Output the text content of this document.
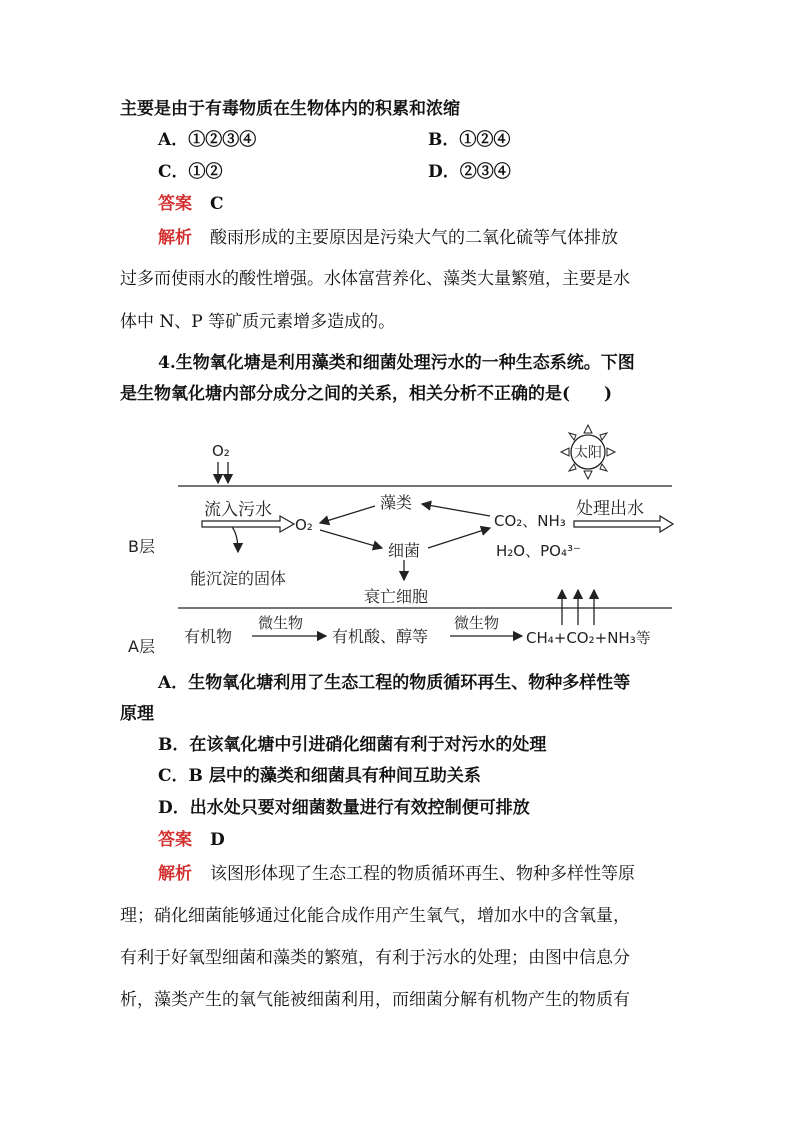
主要是由于有毒物质在生物体内的积累和浓缩
A．①②③④	B．①②④
C．①②	D．②③④
答案 C
解析 酸雨形成的主要原因是污染大气的二氧化硫等气体排放
过多而使雨水的酸性增强。水体富营养化、藻类大量繁殖，主要是水
体中 N、P 等矿质元素增多造成的。
4.生物氧化塘是利用藻类和细菌处理污水的一种生态系统。下图
是生物氧化塘内部分成分之间的关系，相关分析不正确的是(　　)
O₂	太阳
流入污水
能沉淀的固体
O₂
藻类
细菌
CO₂、NH₃
H₂O、PO₄³⁻
处理出水
衰亡细胞
B层
A层
有机物
微生物
有机酸、醇等
微生物
CH₄+CO₂+NH₃等
A．生物氧化塘利用了生态工程的物质循环再生、物种多样性等
原理
B．在该氧化塘中引进硝化细菌有利于对污水的处理
C．B 层中的藻类和细菌具有种间互助关系
D．出水处只要对细菌数量进行有效控制便可排放
答案 D
解析 该图形体现了生态工程的物质循环再生、物种多样性等原
理；硝化细菌能够通过化能合成作用产生氧气，增加水中的含氧量，
有利于好氧型细菌和藻类的繁殖，有利于污水的处理；由图中信息分
析，藻类产生的氧气能被细菌利用，而细菌分解有机物产生的物质有
